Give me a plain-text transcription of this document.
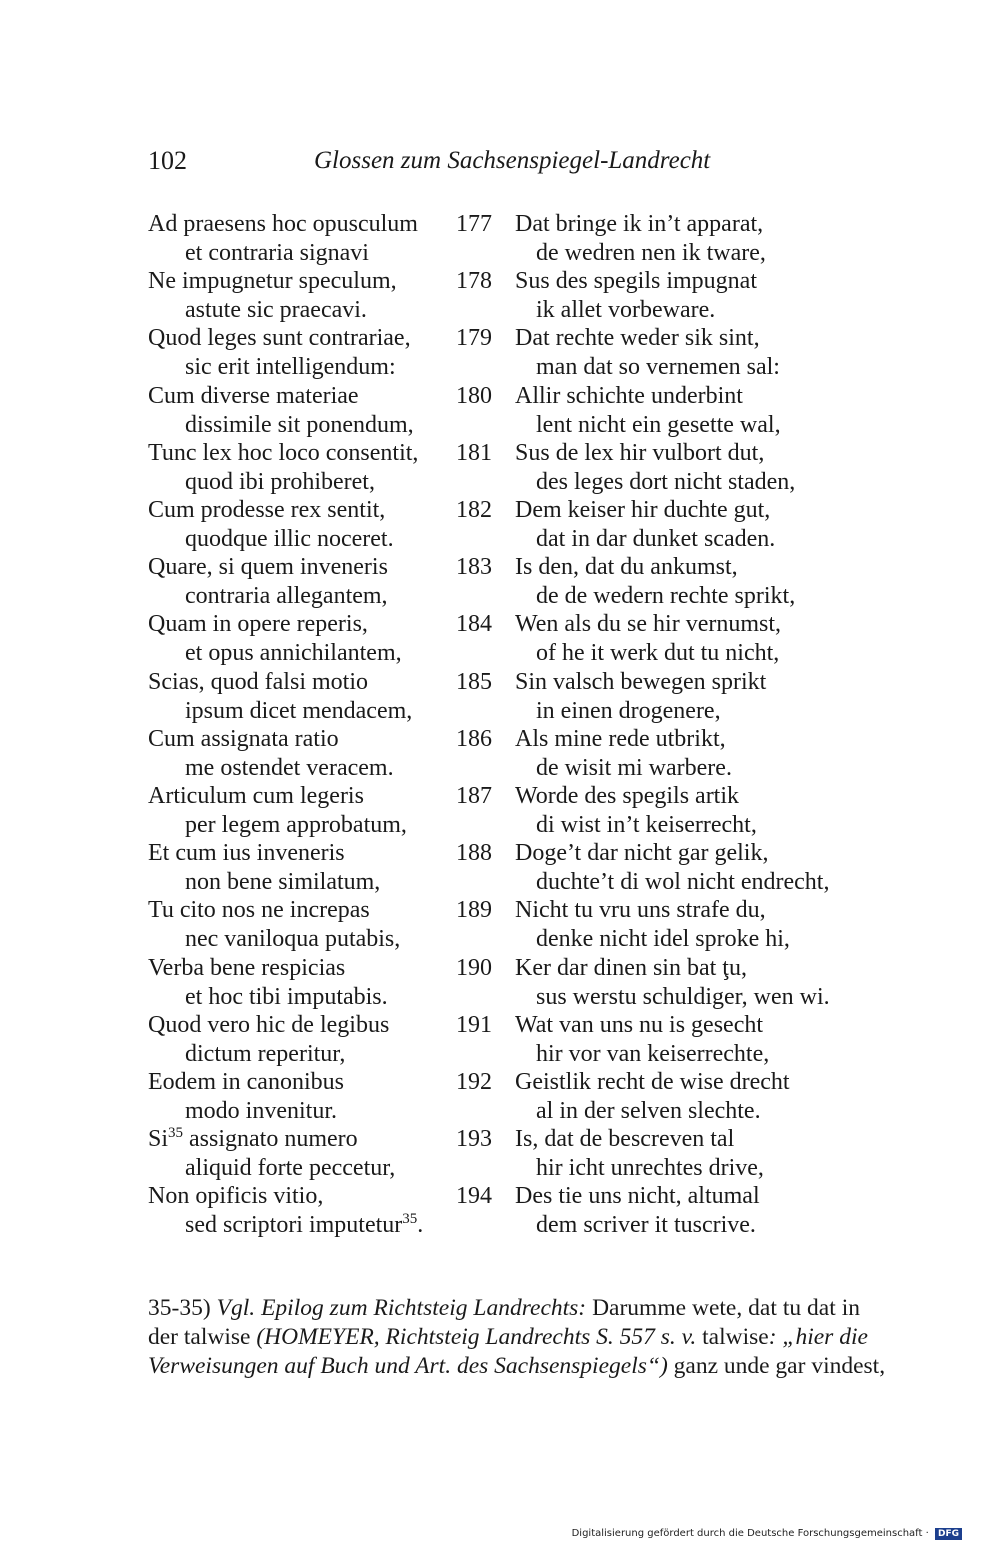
102	Glossen zum Sachsenspiegel-Landrecht
Ad praesens hoc opusculum
et contraria signavi
177 Dat bringe ik in’t apparat,
de wedren nen ik tware,
Ne impugnetur speculum,
astute sic praecavi.
178 Sus des spegils impugnat
ik allet vorbeware.
Quod leges sunt contrariae,
sic erit intelligendum:
179 Dat rechte weder sik sint,
man dat so vernemen sal:
Cum diverse materiae
dissimile sit ponendum,
180 Allir schichte underbint
lent nicht ein gesette wal,
Tunc lex hoc loco consentit,
quod ibi prohiberet,
181 Sus de lex hir vulbort dut,
des leges dort nicht staden,
Cum prodesse rex sentit,
quodque illic noceret.
182 Dem keiser hir duchte gut,
dat in dar dunket scaden.
Quare, si quem inveneris
contraria allegantem,
183 Is den, dat du ankumst,
de de wedern rechte sprikt,
Quam in opere reperis,
et opus annichilantem,
184 Wen als du se hir vernumst,
of he it werk dut tu nicht,
Scias, quod falsi motio
ipsum dicet mendacem,
185 Sin valsch bewegen sprikt
in einen drogenere,
Cum assignata ratio
me ostendet veracem.
186 Als mine rede utbrikt,
de wisit mi warbere.
Articulum cum legeris
per legem approbatum,
187 Worde des spegils artik
di wist in’t keiserrecht,
Et cum ius inveneris
non bene similatum,
188 Doge’t dar nicht gar gelik,
duchte’t di wol nicht endrecht,
Tu cito nos ne increpas
nec vaniloqua putabis,
189 Nicht tu vru uns strafe du,
denke nicht idel sproke hi,
Verba bene respicias
et hoc tibi imputabis.
190 Ker dar dinen sin bat ţu,
sus werstu schuldiger, wen wi.
Quod vero hic de legibus
dictum reperitur,
191 Wat van uns nu is gesecht
hir vor van keiserrechte,
Eodem in canonibus
modo invenitur.
192 Geistlik recht de wise drecht
al in der selven slechte.
Si$^{35}$ assignato numero
aliquid forte peccetur,
193 Is, dat de bescreven tal
hir icht unrechtes drive,
Non opificis vitio,
sed scriptori imputetur$^{35}$.
194 Des tie uns nicht, altumal
dem scriver it tuscrive.
35-35) Vgl. Epilog zum Richtsteig Landrechts: Darumme wete, dat tu dat in
der talwise (HOMEYER, Richtsteig Landrechts S. 557 s. v. talwise: „hier die
Verweisungen auf Buch und Art. des Sachsenspiegels“) ganz unde gar vindest,
Digitalisierung gefördert durch die Deutsche Forschungsgemeinschaft · DFG
